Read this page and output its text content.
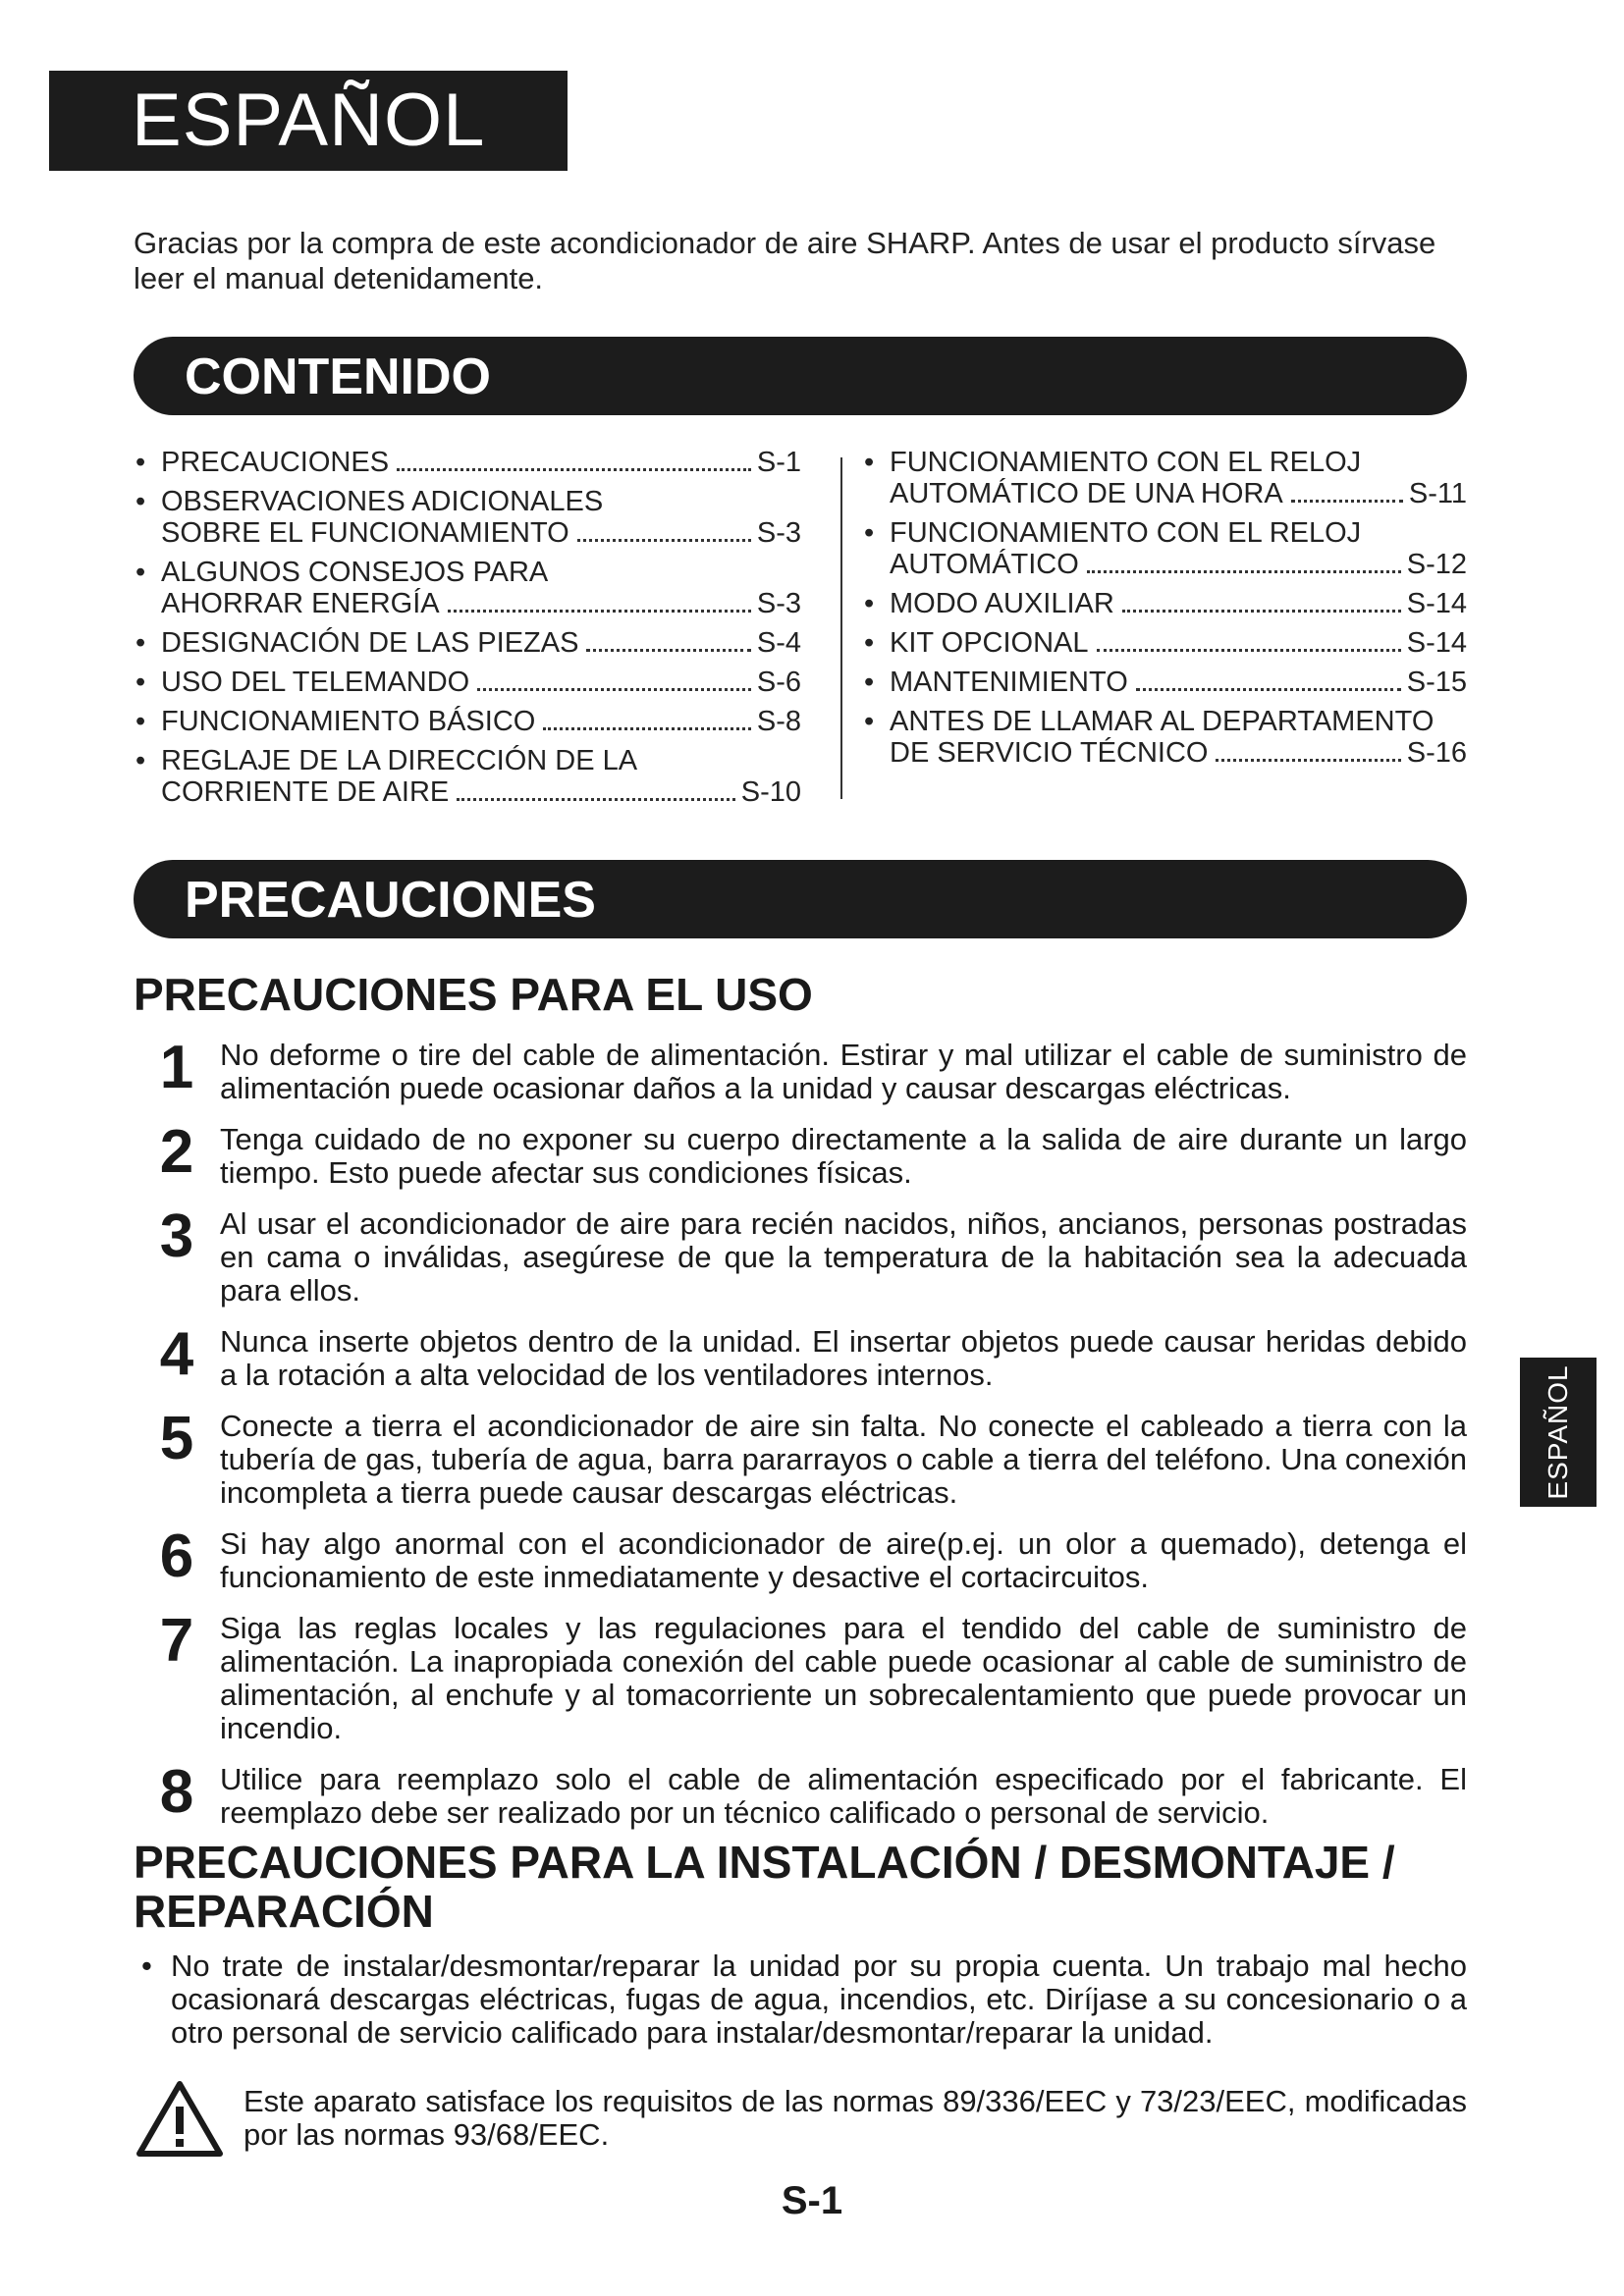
ESPAÑOL
Gracias por la compra de este acondicionador de aire SHARP. Antes de usar el producto sírvase leer el manual detenidamente.
CONTENIDO
• PRECAUCIONES	S-1
• OBSERVACIONES ADICIONALES
SOBRE EL FUNCIONAMIENTO	S-3
• ALGUNOS CONSEJOS PARA
AHORRAR ENERGÍA	S-3
• DESIGNACIÓN DE LAS PIEZAS	S-4
• USO DEL TELEMANDO	S-6
• FUNCIONAMIENTO BÁSICO	S-8
• REGLAJE DE LA DIRECCIÓN DE LA
CORRIENTE DE AIRE	S-10
• FUNCIONAMIENTO CON EL RELOJ
AUTOMÁTICO DE UNA HORA	S-11
• FUNCIONAMIENTO CON EL RELOJ
AUTOMÁTICO	S-12
• MODO AUXILIAR	S-14
• KIT OPCIONAL	S-14
• MANTENIMIENTO	S-15
• ANTES DE LLAMAR AL DEPARTAMENTO
DE SERVICIO TÉCNICO	S-16
PRECAUCIONES
PRECAUCIONES PARA EL USO
1 No deforme o tire del cable de alimentación. Estirar y mal utilizar el cable de suministro de alimentación puede ocasionar daños a la unidad y causar descargas eléctricas.
2 Tenga cuidado de no exponer su cuerpo directamente a la salida de aire durante un largo tiempo. Esto puede afectar sus condiciones físicas.
3 Al usar el acondicionador de aire para recién nacidos, niños, ancianos, personas postradas en cama o inválidas, asegúrese de que la temperatura de la habitación sea la adecuada para ellos.
4 Nunca inserte objetos dentro de la unidad. El insertar objetos puede causar heridas debido a la rotación a alta velocidad de los ventiladores internos.
5 Conecte a tierra el acondicionador de aire sin falta. No conecte el cableado a tierra con la tubería de gas, tubería de agua, barra pararrayos o cable a tierra del teléfono. Una conexión incompleta a tierra puede causar descargas eléctricas.
6 Si hay algo anormal con el acondicionador de aire(p.ej. un olor a quemado), detenga el funcionamiento de este inmediatamente y desactive el cortacircuitos.
7 Siga las reglas locales y las regulaciones para el tendido del cable de suministro de alimentación. La inapropiada conexión del cable puede ocasionar al cable de suministro de alimentación, al enchufe y al tomacorriente un sobrecalentamiento que puede provocar un incendio.
8 Utilice para reemplazo solo el cable de alimentación especificado por el fabricante. El reemplazo debe ser realizado por un técnico calificado o personal de servicio.
PRECAUCIONES PARA LA INSTALACIÓN / DESMONTAJE /
REPARACIÓN
• No trate de instalar/desmontar/reparar la unidad por su propia cuenta. Un trabajo mal hecho ocasionará descargas eléctricas, fugas de agua, incendios, etc. Diríjase a su concesionario o a otro personal de servicio calificado para instalar/desmontar/reparar la unidad.
Este aparato satisface los requisitos de las normas 89/336/EEC y 73/23/EEC, modificadas por las normas 93/68/EEC.
S-1
ESPAÑOL
